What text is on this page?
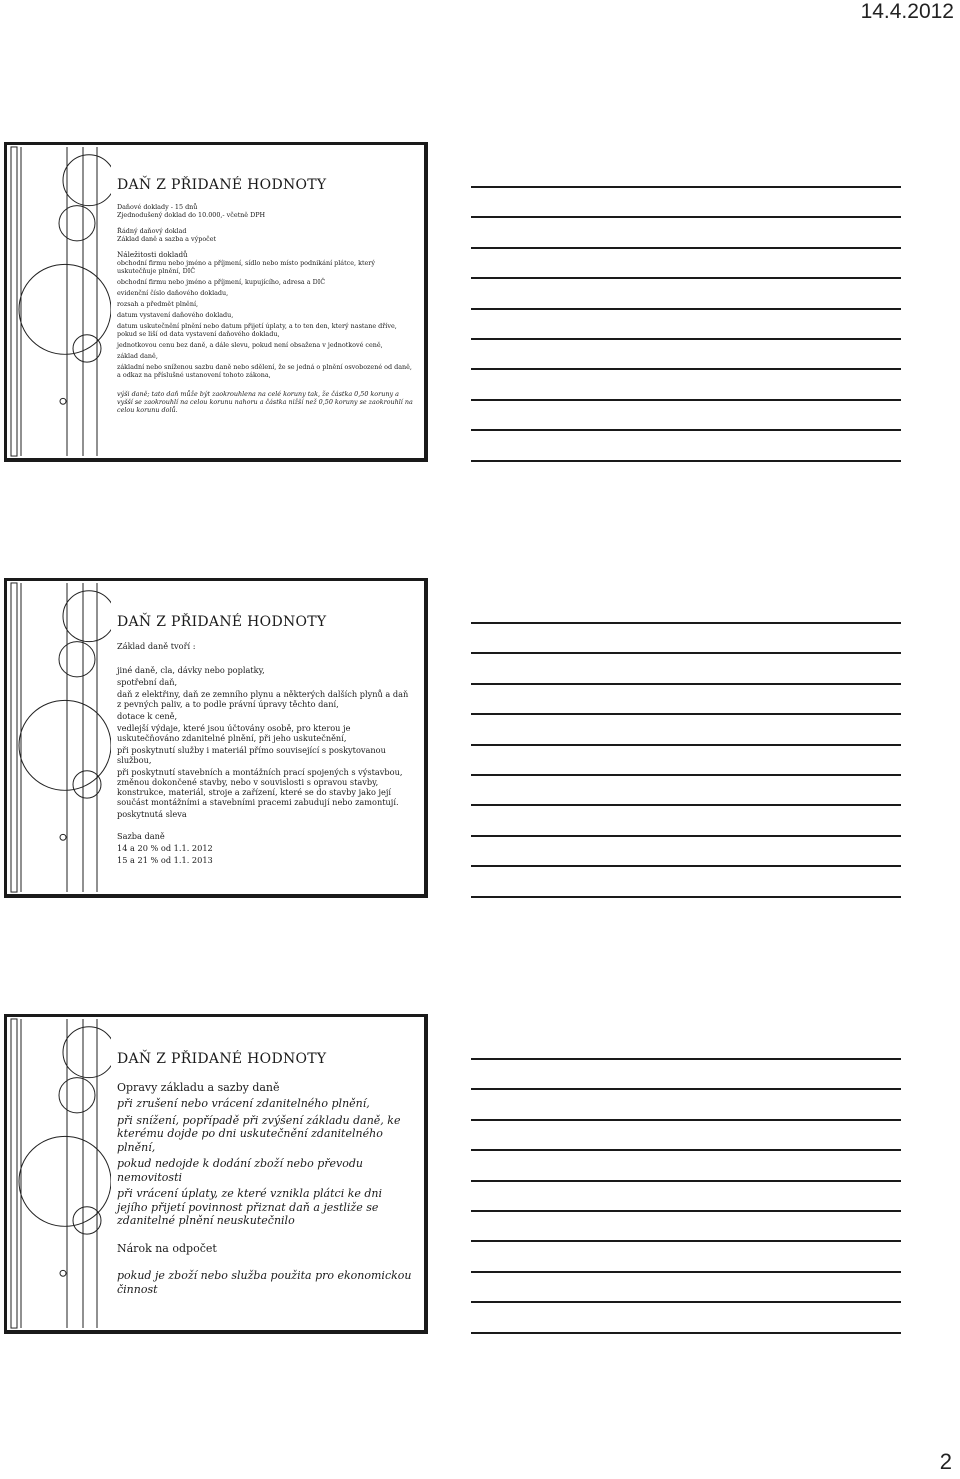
14.4.2012
DAŇ Z PŘIDANÉ HODNOTY

Daňové doklady - 15 dnů

Zjednodušený doklad do 10.000,- včetně DPH

Řádný daňový doklad

Základ daně a sazba a výpočet

Náležitosti dokladů

obchodní firmu nebo jméno a příjmení, sídlo nebo místo podnikání plátce, který uskutečňuje plnění, DIČ

obchodní firmu nebo jméno a příjmení, kupujícího, adresa a DIČ

evidenční číslo daňového dokladu,

rozsah a předmět plnění,

datum vystavení daňového dokladu,

datum uskutečnění plnění nebo datum přijetí úplaty, a to ten den, který nastane dříve, pokud se liší od data vystavení daňového dokladu,

jednotkovou cenu bez daně, a dále slevu, pokud není obsažena v jednotkové ceně,

základ daně,

základní nebo sníženou sazbu daně nebo sdělení, že se jedná o plnění osvobozené od daně, a odkaz na příslušné ustanovení tohoto zákona,

výši daně; tato daň může být zaokrouhlena na celé koruny tak, že částka 0,50 koruny a vyšší se zaokrouhlí na celou korunu nahoru a částka nižší než 0,50 koruny se zaokrouhlí na celou korunu dolů.

DAŇ Z PŘIDANÉ HODNOTY

Základ daně tvoří :

jiné daně, cla, dávky nebo poplatky,

spotřební daň,

daň z elektřiny, daň ze zemního plynu a některých dalších plynů a daň z pevných paliv, a to podle právní úpravy těchto daní,

dotace k ceně,

vedlejší výdaje, které jsou účtovány osobě, pro kterou je uskutečňováno zdanitelné plnění, při jeho uskutečnění,

při poskytnutí služby i materiál přímo související s poskytovanou službou,

při poskytnutí stavebních a montážních prací spojených s výstavbou, změnou dokončené stavby, nebo v souvislosti s opravou stavby, konstrukce, materiál, stroje a zařízení, které se do stavby jako její součást montážními a stavebními pracemi zabudují nebo zamontují.

poskytnutá sleva

Sazba daně

14 a 20 % od 1.1. 2012

15 a 21 % od 1.1. 2013

DAŇ Z PŘIDANÉ HODNOTY

Opravy základu a sazby daně

při zrušení nebo vrácení zdanitelného plnění,

při snížení, popřípadě při zvýšení základu daně, ke kterému dojde po dni uskutečnění zdanitelného plnění,

pokud nedojde k dodání zboží nebo převodu nemovitosti

při vrácení úplaty, ze které vznikla plátci ke dni jejího přijetí povinnost přiznat daň a jestliže se zdanitelné plnění neuskutečnilo

Nárok na odpočet

pokud je zboží nebo služba použita pro ekonomickou činnost

2
